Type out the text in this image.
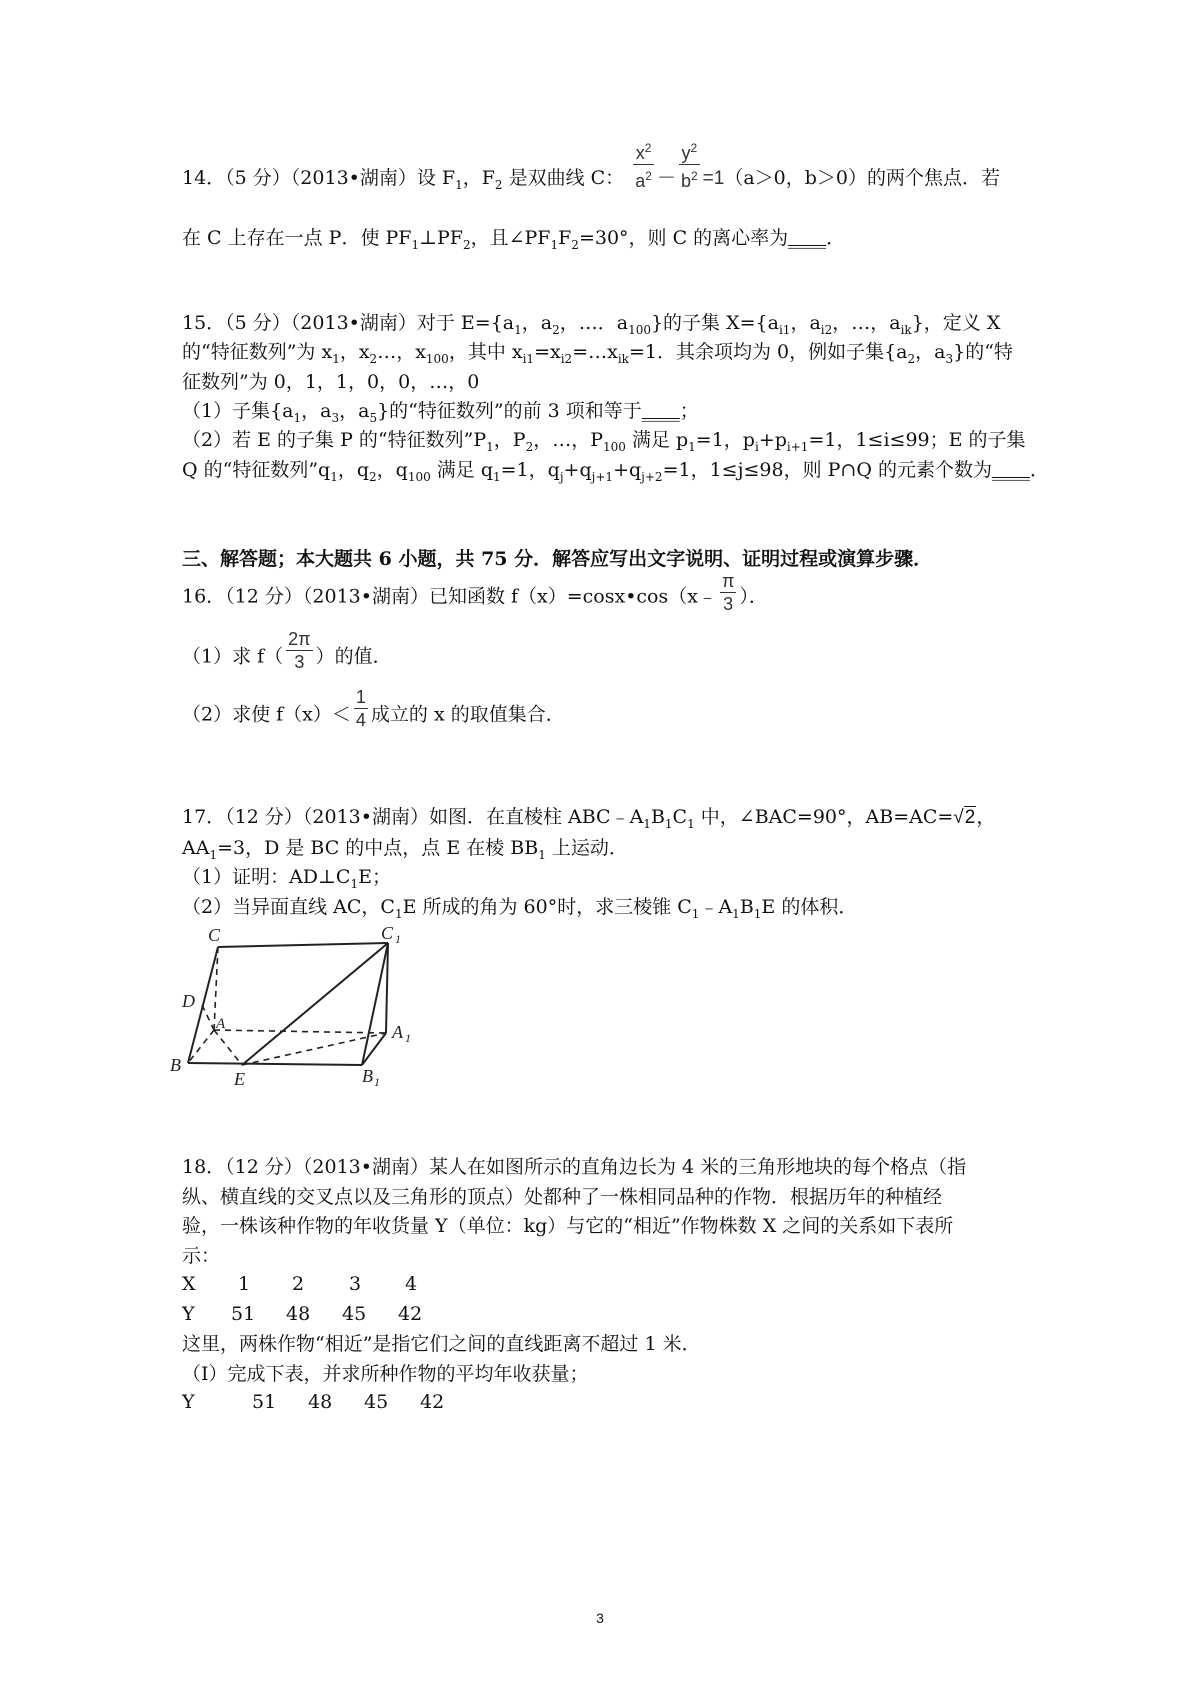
14．（5 分）（2013•湖南）设 $F_1$，$F_2$ 是双曲线 C： $\frac{x^2}{a^2} - \frac{y^2}{b^2} =1(a>0$，b＞0）的两个焦点．若
在 C 上存在一点 P．使 $PF_1\perp PF_2$，且$\angle PF_1F_2=30^\circ$，则 C 的离心率为____．
15．（5 分）（2013•湖南）对于 $E=\{a_1$，$a_2$，…．$a_{100}$}的子集 $X=\{a_{i1}$，$a_{i2}$，…，$a_{ik}$}，定义 X
的“特征数列”为 $x_1$，$x_2\dots$，$x_{100}$，其中 $x_{i1}=x_{i2}=\dots x_{ik}=1$．其余项均为 0，例如子集{$a_2$，$a_3$}的“特
征数列”为 0，1，1，0，0，…，0
（1）子集{$a_1$，$a_3$，$a_5$}的“特征数列”的前 3 项和等于____；
（2）若 E 的子集 P 的“特征数列$”P_1$，$P_2$，…，$P_{100}$ 满足 $p_1=1$，$p_i+p_{i+1}=1$，1≤i≤99；E 的子集
Q 的“特征数列$”q_1$，$q_2$，$q_{100}$ 满足 $q_1=1$，$q_j+q_{j+1}+q_{j+2}=1$，1≤j≤98，则 P∩Q 的元素个数为____．
三、解答题；本大题共 6 小题，共 75 分．解答应写出文字说明、证明过程或演算步骤．
16．（12 分）（2013•湖南）已知函数 f（x）=cosx•cos（x﹣ $\frac{\pi}{3}$ ）．
（1）求 $f( \frac{2\pi}{3}$ ）的值．
（2）求使 $f(x)< \frac{1}{4}$ 成立的 x 的取值集合．
17．（12 分）（2013•湖南）如图．在直棱柱 $ABC﹣A_1B_1C_1$ 中，∠BAC=90°，AB=AC=√2，
$AA_1=3$，D 是 BC 的中点，点 E 在棱 $BB_1$ 上运动．
（1）证明：$AD\perp C_1E$；
（2）当异面直线 AC，$C_1E$ 所成的角为 60°时，求三棱锥 $C_1﹣A_1B_1E$ 的体积．
C	C 1
D
A	A 1
B
E	B 1
18．（12 分）（2013•湖南）某人在如图所示的直角边长为 4 米的三角形地块的每个格点（指
纵、横直线的交叉点以及三角形的顶点）处都种了一株相同品种的作物．根据历年的种植经
验，一株该种作物的年收货量 Y（单位：kg）与它的“相近”作物株数 X 之间的关系如下表所
示：
X 1 2 3 4
Y 51 48 45 42
这里，两株作物“相近”是指它们之间的直线距离不超过 1 米．
（Ⅰ）完成下表，并求所种作物的平均年收获量；
Y	51 48 45 42
3
